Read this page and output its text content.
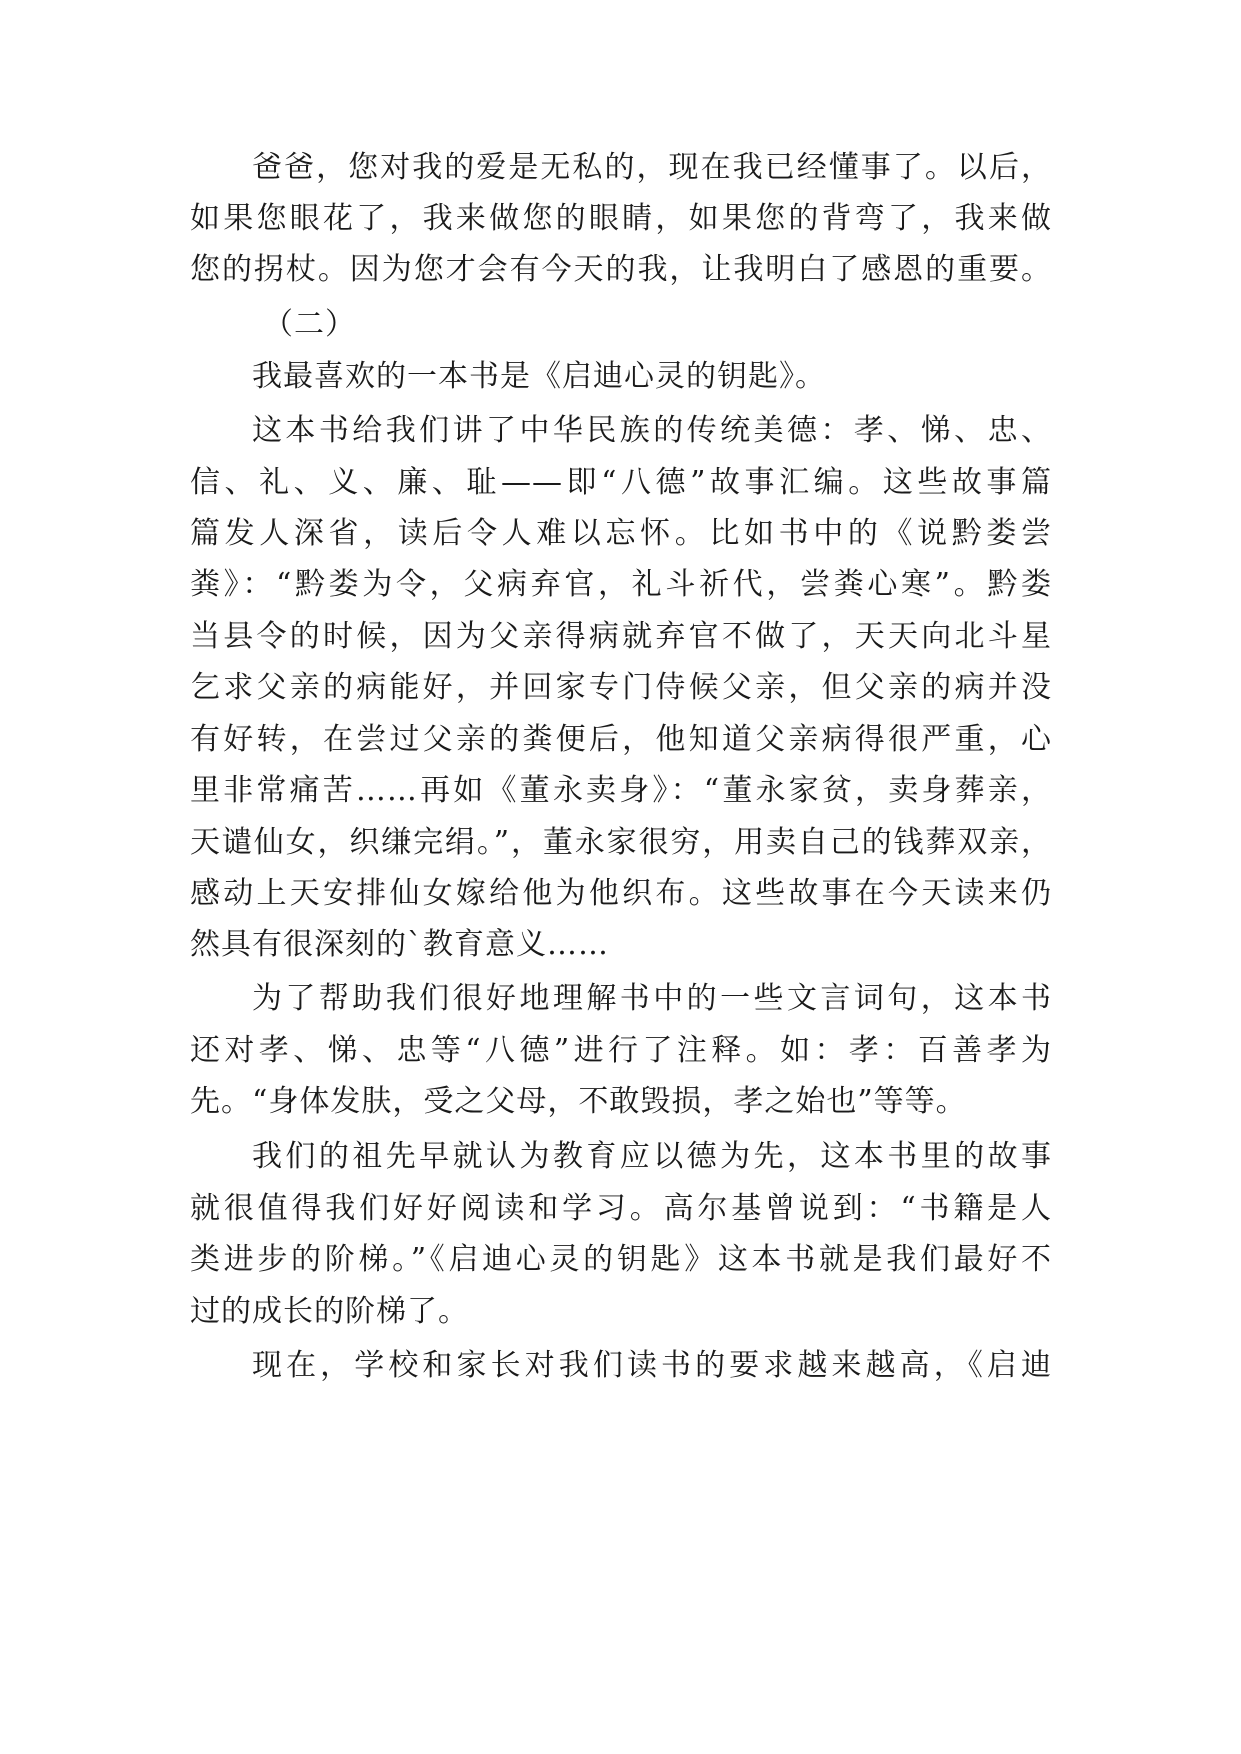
爸爸，您对我的爱是无私的，现在我已经懂事了。以后，
如果您眼花了，我来做您的眼睛，如果您的背弯了，我来做
您的拐杖。因为您才会有今天的我，让我明白了感恩的重要。
（二）
我最喜欢的一本书是《启迪心灵的钥匙》。
这本书给我们讲了中华民族的传统美德：孝、悌、忠、
信、礼、义、廉、耻——即“八德”故事汇编。这些故事篇
篇发人深省，读后令人难以忘怀。比如书中的《说黔娄尝
粪》：“黔娄为令，父病弃官，礼斗祈代，尝粪心寒”。黔娄
当县令的时候，因为父亲得病就弃官不做了，天天向北斗星
乞求父亲的病能好，并回家专门侍候父亲，但父亲的病并没
有好转，在尝过父亲的粪便后，他知道父亲病得很严重，心
里非常痛苦……再如《董永卖身》：“董永家贫，卖身葬亲，
天谴仙女，织缣完绢。”，董永家很穷，用卖自己的钱葬双亲，
感动上天安排仙女嫁给他为他织布。这些故事在今天读来仍
然具有很深刻的`教育意义……
为了帮助我们很好地理解书中的一些文言词句，这本书
还对孝、悌、忠等“八德”进行了注释。如：孝：百善孝为
先。“身体发肤，受之父母，不敢毁损，孝之始也”等等。
我们的祖先早就认为教育应以德为先，这本书里的故事
就很值得我们好好阅读和学习。高尔基曾说到：“书籍是人
类进步的阶梯。”《启迪心灵的钥匙》这本书就是我们最好不
过的成长的阶梯了。
现在，学校和家长对我们读书的要求越来越高，《启迪
